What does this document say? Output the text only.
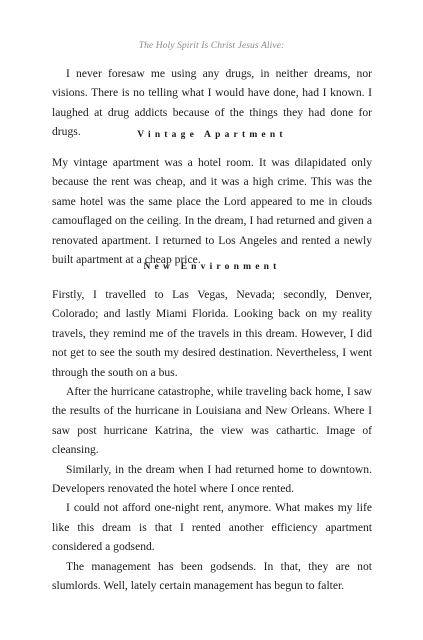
The Holy Spirit Is Christ Jesus Alive:

I never foresaw me using any drugs, in neither dreams, nor visions. There is no telling what I would have done, had I known. I laughed at drug addicts because of the things they had done for drugs.	Vintage Apartment

My vintage apartment was a hotel room. It was dilapidated only because the rent was cheap, and it was a high crime. This was the same hotel was the same place the Lord appeared to me in clouds camouflaged on the ceiling. In the dream, I had returned and given a renovated apartment. I returned to Los Angeles and rented a newly built apartment at a cheap price.

New Environment

Firstly, I travelled to Las Vegas, Nevada; secondly, Denver, Colorado; and lastly Miami Florida. Looking back on my reality travels, they remind me of the travels in this dream. However, I did not get to see the south my desired destination. Nevertheless, I went through the south on a bus.

After the hurricane catastrophe, while traveling back home, I saw the results of the hurricane in Louisiana and New Orleans. Where I saw post hurricane Katrina, the view was cathartic. Image of cleansing.

Similarly, in the dream when I had returned home to downtown. Developers renovated the hotel where I once rented.

I could not afford one-night rent, anymore. What makes my life like this dream is that I rented another efficiency apartment considered a godsend.

The management has been godsends. In that, they are not slumlords. Well, lately certain management has begun to falter.
